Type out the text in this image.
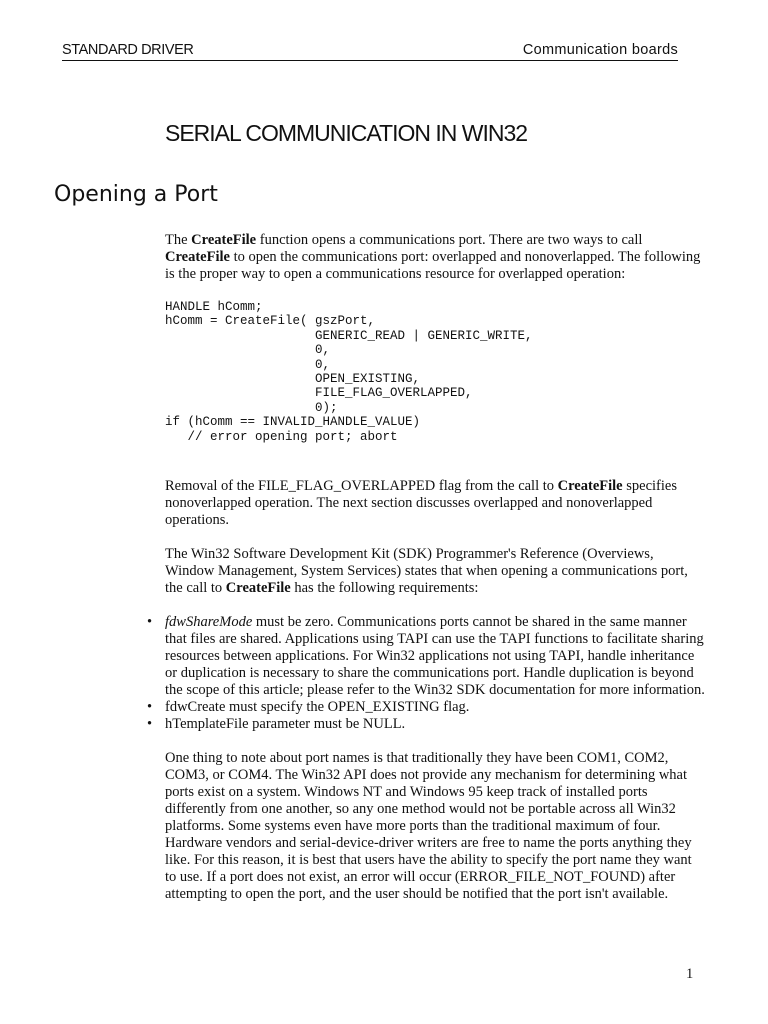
STANDARD DRIVER	Communication boards
SERIAL COMMUNICATION IN WIN32
Opening a Port

The CreateFile function opens a communications port. There are two ways to call CreateFile to open the communications port: overlapped and nonoverlapped. The following is the proper way to open a communications resource for overlapped operation:

HANDLE hComm;
hComm = CreateFile( gszPort,
GENERIC_READ | GENERIC_WRITE,
0,
0,
OPEN_EXISTING,
FILE_FLAG_OVERLAPPED,
0);
if (hComm == INVALID_HANDLE_VALUE)
// error opening port; abort

Removal of the FILE_FLAG_OVERLAPPED flag from the call to CreateFile specifies nonoverlapped operation. The next section discusses overlapped and nonoverlapped operations.

The Win32 Software Development Kit (SDK) Programmer's Reference (Overviews, Window Management, System Services) states that when opening a communications port, the call to CreateFile has the following requirements:

• fdwShareMode must be zero. Communications ports cannot be shared in the same manner that files are shared. Applications using TAPI can use the TAPI functions to facilitate sharing resources between applications. For Win32 applications not using TAPI, handle inheritance or duplication is necessary to share the communications port. Handle duplication is beyond the scope of this article; please refer to the Win32 SDK documentation for more information.
• fdwCreate must specify the OPEN_EXISTING flag.
• hTemplateFile parameter must be NULL.

One thing to note about port names is that traditionally they have been COM1, COM2, COM3, or COM4. The Win32 API does not provide any mechanism for determining what ports exist on a system. Windows NT and Windows 95 keep track of installed ports differently from one another, so any one method would not be portable across all Win32 platforms. Some systems even have more ports than the traditional maximum of four. Hardware vendors and serial-device-driver writers are free to name the ports anything they like. For this reason, it is best that users have the ability to specify the port name they want to use. If a port does not exist, an error will occur (ERROR_FILE_NOT_FOUND) after attempting to open the port, and the user should be notified that the port isn't available.

1
